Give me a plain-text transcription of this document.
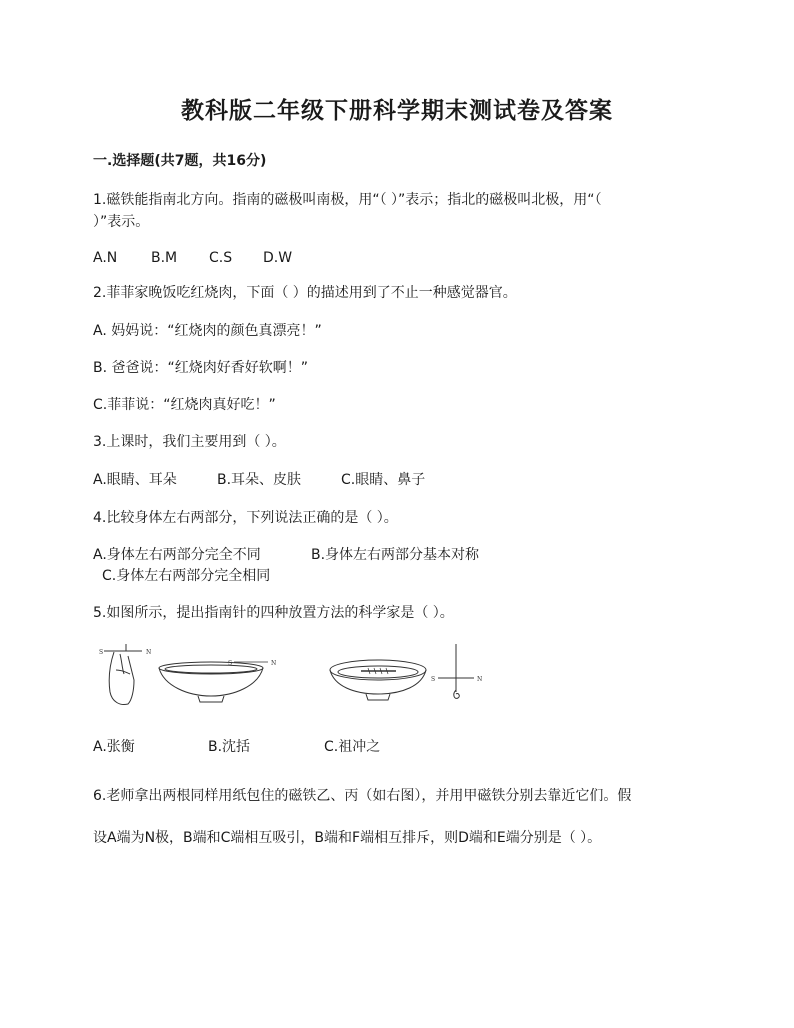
教科版二年级下册科学期末测试卷及答案
一.选择题(共7题，共16分)
1.磁铁能指南北方向。指南的磁极叫南极，用“（ ）”表示；指北的磁极叫北极，用“（
）”表示。
A.N B.M C.S D.W
2.菲菲家晚饭吃红烧肉，下面（ ）的描述用到了不止一种感觉器官。
A. 妈妈说：“红烧肉的颜色真漂亮！”
B. 爸爸说：“红烧肉好香好软啊！”
C.菲菲说：“红烧肉真好吃！”
3.上课时，我们主要用到（ ）。
A.眼睛、耳朵	B.耳朵、皮肤	C.眼睛、鼻子
4.比较身体左右两部分，下列说法正确的是（ ）。
A.身体左右两部分完全不同	B.身体左右两部分基本对称
C.身体左右两部分完全相同
5.如图所示，提出指南针的四种放置方法的科学家是（ ）。
S	N
S	N
S	N
A.张衡	B.沈括	C.祖冲之
6.老师拿出两根同样用纸包住的磁铁乙、丙（如右图），并用甲磁铁分别去靠近它们。假
设A端为N极，B端和C端相互吸引，B端和F端相互排斥，则D端和E端分别是（ ）。
